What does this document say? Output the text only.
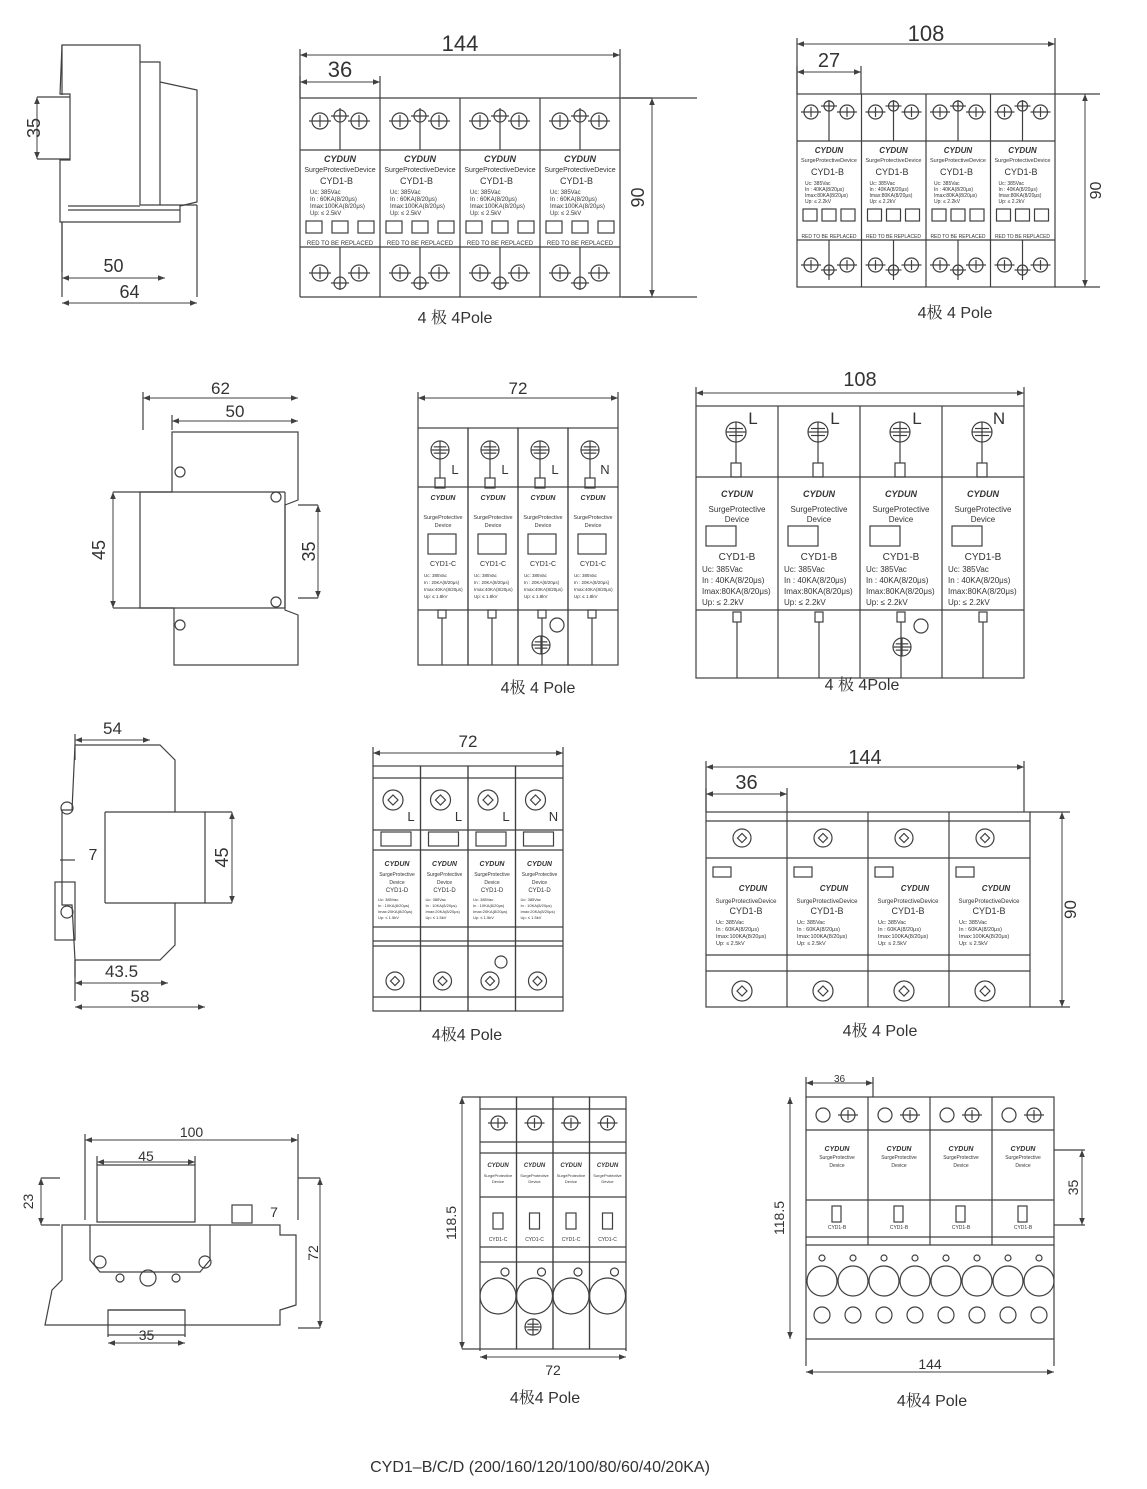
35
50
64
CYDUN
SurgeProtectiveDevice
CYD1-B
Uc: 385Vac
In : 60KA(8/20μs)
Imax:100KA(8/20μs)
Up: ≤ 2.5kV
RED TO BE REPLACED
CYDUN
SurgeProtectiveDevice
CYD1-B
Uc: 385Vac
In : 60KA(8/20μs)
Imax:100KA(8/20μs)
Up: ≤ 2.5kV
RED TO BE REPLACED
CYDUN
SurgeProtectiveDevice
CYD1-B
Uc: 385Vac
In : 60KA(8/20μs)
Imax:100KA(8/20μs)
Up: ≤ 2.5kV
RED TO BE REPLACED
CYDUN
SurgeProtectiveDevice
CYD1-B
Uc: 385Vac
In : 60KA(8/20μs)
Imax:100KA(8/20μs)
Up: ≤ 2.5kV
RED TO BE REPLACED
144
36
90
4 极 4Pole
CYDUN
SurgeProtectiveDevice
CYD1-B
Uc: 385Vac
In : 40KA(8/20μs)
Imax:80KA(8/20μs)
Up: ≤ 2.2kV
RED TO BE REPLACED
CYDUN
SurgeProtectiveDevice
CYD1-B
Uc: 385Vac
In : 40KA(8/20μs)
Imax:80KA(8/20μs)
Up: ≤ 2.2kV
RED TO BE REPLACED
CYDUN
SurgeProtectiveDevice
CYD1-B
Uc: 385Vac
In : 40KA(8/20μs)
Imax:80KA(8/20μs)
Up: ≤ 2.2kV
RED TO BE REPLACED
CYDUN
SurgeProtectiveDevice
CYD1-B
Uc: 385Vac
In : 40KA(8/20μs)
Imax:80KA(8/20μs)
Up: ≤ 2.2kV
RED TO BE REPLACED
108
27
90
4极 4 Pole
62
50
45	35
CYDUN
SurgeProtective
Device
CYD1-C
Uc: 385Vac
In : 20KA(8/20μs)
Imax:40KA(8/20μs)
Up: ≤ 1.8kV
L
CYDUN
SurgeProtective
Device
CYD1-C
Uc: 385Vac
In : 20KA(8/20μs)
Imax:40KA(8/20μs)
Up: ≤ 1.8kV
L
CYDUN
SurgeProtective
Device
CYD1-C
Uc: 385Vac
In : 20KA(8/20μs)
Imax:40KA(8/20μs)
Up: ≤ 1.8kV
L
CYDUN
SurgeProtective
Device
CYD1-C
Uc: 385Vac
In : 20KA(8/20μs)
Imax:40KA(8/20μs)
Up: ≤ 1.8kV
N
72
4极 4 Pole
L
CYDUN
SurgeProtective
Device
CYD1-B
Uc: 385Vac
In : 40KA(8/20μs)
Imax:80KA(8/20μs)
Up: ≤ 2.2kV
L
CYDUN
SurgeProtective
Device
CYD1-B
Uc: 385Vac
In : 40KA(8/20μs)
Imax:80KA(8/20μs)
Up: ≤ 2.2kV
L
CYDUN
SurgeProtective
Device
CYD1-B
Uc: 385Vac
In : 40KA(8/20μs)
Imax:80KA(8/20μs)
Up: ≤ 2.2kV
N
CYDUN
SurgeProtective
Device
CYD1-B
Uc: 385Vac
In : 40KA(8/20μs)
Imax:80KA(8/20μs)
Up: ≤ 2.2kV
108
4 极 4Pole
54
7	45
43.5
58
CYDUN
SurgeProtective
Device
CYD1-D
Uc: 385Vac
In : 10KA(8/20μs)
Imax:20KA(8/20μs)
Up: ≤ 1.5kV
L
CYDUN
SurgeProtective
Device
CYD1-D
Uc: 385Vac
In : 10KA(8/20μs)
Imax:20KA(8/20μs)
Up: ≤ 1.5kV
L
CYDUN
SurgeProtective
Device
CYD1-D
Uc: 385Vac
In : 10KA(8/20μs)
Imax:20KA(8/20μs)
Up: ≤ 1.5kV
L
CYDUN
SurgeProtective
Device
CYD1-D
Uc: 385Vac
In : 10KA(8/20μs)
Imax:20KA(8/20μs)
Up: ≤ 1.5kV
N
72
4极4 Pole
CYDUN
SurgeProtectiveDevice
CYD1-B
Uc: 385Vac
In : 60KA(8/20μs)
Imax:100KA(8/20μs)
Up: ≤ 2.5kV
CYDUN
SurgeProtectiveDevice
CYD1-B
Uc: 385Vac
In : 60KA(8/20μs)
Imax:100KA(8/20μs)
Up: ≤ 2.5kV
CYDUN
SurgeProtectiveDevice
CYD1-B
Uc: 385Vac
In : 60KA(8/20μs)
Imax:100KA(8/20μs)
Up: ≤ 2.5kV
CYDUN
SurgeProtectiveDevice
CYD1-B
Uc: 385Vac
In : 60KA(8/20μs)
Imax:100KA(8/20μs)
Up: ≤ 2.5kV
144
36
90
4极 4 Pole
100
45
23
7
72
35
CYDUN
SurgeProtective
Device
CYD1-C
CYDUN
SurgeProtective
Device
CYD1-C
CYDUN
SurgeProtective
Device
CYD1-C
CYDUN
SurgeProtective
Device
CYD1-C
118.5
72
4极4 Pole
CYDUN
SurgeProtective
Device
CYD1-B
CYDUN
SurgeProtective
Device
CYD1-B
CYDUN
SurgeProtective
Device
CYD1-B
CYDUN
SurgeProtective
Device
CYD1-B
36
118.5
35
144
4极4 Pole
CYD1–B/C/D (200/160/120/100/80/60/40/20KA)
